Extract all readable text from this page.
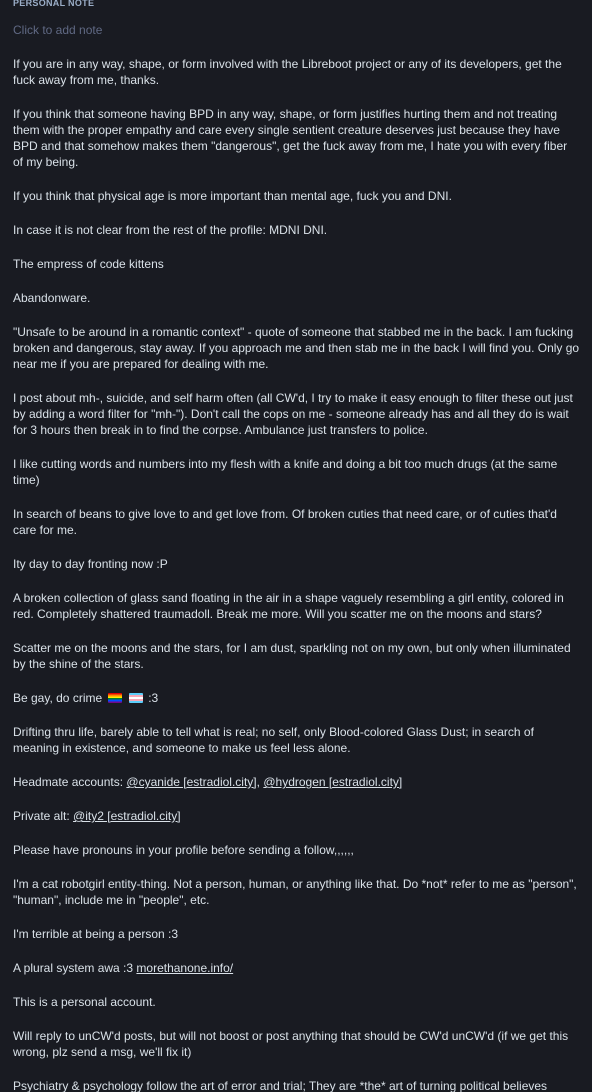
PERSONAL NOTE
Click to add note

If you are in any way, shape, or form involved with the Libreboot project or any of its developers, get the fuck away from me, thanks.

If you think that someone having BPD in any way, shape, or form justifies hurting them and not treating them with the proper empathy and care every single sentient creature deserves just because they have BPD and that somehow makes them "dangerous", get the fuck away from me, I hate you with every fiber of my being.

If you think that physical age is more important than mental age, fuck you and DNI.

In case it is not clear from the rest of the profile: MDNI DNI.

The empress of code kittens

Abandonware.

"Unsafe to be around in a romantic context" - quote of someone that stabbed me in the back. I am fucking broken and dangerous, stay away. If you approach me and then stab me in the back I will find you. Only go near me if you are prepared for dealing with me.

I post about mh-, suicide, and self harm often (all CW'd, I try to make it easy enough to filter these out just by adding a word filter for "mh-"). Don't call the cops on me - someone already has and all they do is wait for 3 hours then break in to find the corpse. Ambulance just transfers to police.

I like cutting words and numbers into my flesh with a knife and doing a bit too much drugs (at the same time)

In search of beans to give love to and get love from. Of broken cuties that need care, or of cuties that'd care for me.

Ity day to day fronting now :P

A broken collection of glass sand floating in the air in a shape vaguely resembling a girl entity, colored in red. Completely shattered traumadoll. Break me more. Will you scatter me on the moons and stars?

Scatter me on the moons and the stars, for I am dust, sparkling not on my own, but only when illuminated by the shine of the stars.

Be gay, do crime	:3

Drifting thru life, barely able to tell what is real; no self, only Blood-colored Glass Dust; in search of meaning in existence, and someone to make us feel less alone.

Headmate accounts: @cyanide [estradiol.city], @hydrogen [estradiol.city]

Private alt: @ity2 [estradiol.city]

Please have pronouns in your profile before sending a follow,,,,,,

I'm a cat robotgirl entity-thing. Not a person, human, or anything like that. Do *not* refer to me as "person", "human", include me in "people", etc.

I'm terrible at being a person :3

A plural system awa :3 morethanone.info/

This is a personal account.

Will reply to unCW'd posts, but will not boost or post anything that should be CW'd unCW'd (if we get this wrong, plz send a msg, we'll fix it)

Psychiatry & psychology follow the art of error and trial; They are *the* art of turning political believes
